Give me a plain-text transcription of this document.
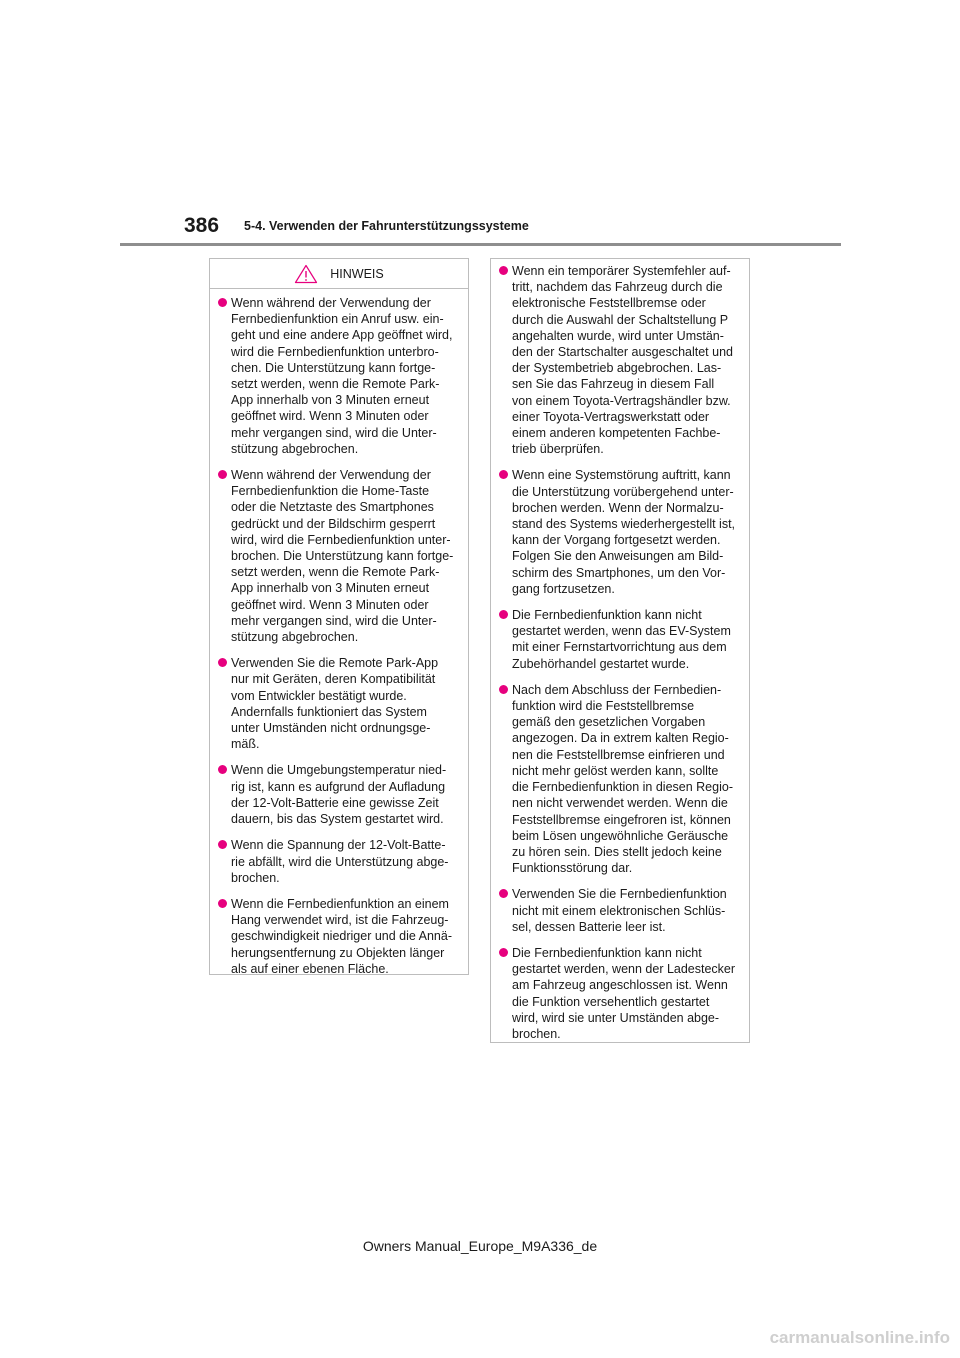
386 5-4. Verwenden der Fahrunterstützungssysteme
HINWEIS
Wenn während der Verwendung der
Fernbedienfunktion ein Anruf usw. ein-
geht und eine andere App geöffnet wird,
wird die Fernbedienfunktion unterbro-
chen. Die Unterstützung kann fortge-
setzt werden, wenn die Remote Park-
App innerhalb von 3 Minuten erneut
geöffnet wird. Wenn 3 Minuten oder
mehr vergangen sind, wird die Unter-
stützung abgebrochen.
Wenn während der Verwendung der
Fernbedienfunktion die Home-Taste
oder die Netztaste des Smartphones
gedrückt und der Bildschirm gesperrt
wird, wird die Fernbedienfunktion unter-
brochen. Die Unterstützung kann fortge-
setzt werden, wenn die Remote Park-
App innerhalb von 3 Minuten erneut
geöffnet wird. Wenn 3 Minuten oder
mehr vergangen sind, wird die Unter-
stützung abgebrochen.
Verwenden Sie die Remote Park-App
nur mit Geräten, deren Kompatibilität
vom Entwickler bestätigt wurde.
Andernfalls funktioniert das System
unter Umständen nicht ordnungsge-
mäß.
Wenn die Umgebungstemperatur nied-
rig ist, kann es aufgrund der Aufladung
der 12-Volt-Batterie eine gewisse Zeit
dauern, bis das System gestartet wird.
Wenn die Spannung der 12-Volt-Batte-
rie abfällt, wird die Unterstützung abge-
brochen.
Wenn die Fernbedienfunktion an einem
Hang verwendet wird, ist die Fahrzeug-
geschwindigkeit niedriger und die Annä-
herungsentfernung zu Objekten länger
als auf einer ebenen Fläche.
Wenn ein temporärer Systemfehler auf-
tritt, nachdem das Fahrzeug durch die
elektronische Feststellbremse oder
durch die Auswahl der Schaltstellung P
angehalten wurde, wird unter Umstän-
den der Startschalter ausgeschaltet und
der Systembetrieb abgebrochen. Las-
sen Sie das Fahrzeug in diesem Fall
von einem Toyota-Vertragshändler bzw.
einer Toyota-Vertragswerkstatt oder
einem anderen kompetenten Fachbe-
trieb überprüfen.
Wenn eine Systemstörung auftritt, kann
die Unterstützung vorübergehend unter-
brochen werden. Wenn der Normalzu-
stand des Systems wiederhergestellt ist,
kann der Vorgang fortgesetzt werden.
Folgen Sie den Anweisungen am Bild-
schirm des Smartphones, um den Vor-
gang fortzusetzen.
Die Fernbedienfunktion kann nicht
gestartet werden, wenn das EV-System
mit einer Fernstartvorrichtung aus dem
Zubehörhandel gestartet wurde.
Nach dem Abschluss der Fernbedien-
funktion wird die Feststellbremse
gemäß den gesetzlichen Vorgaben
angezogen. Da in extrem kalten Regio-
nen die Feststellbremse einfrieren und
nicht mehr gelöst werden kann, sollte
die Fernbedienfunktion in diesen Regio-
nen nicht verwendet werden. Wenn die
Feststellbremse eingefroren ist, können
beim Lösen ungewöhnliche Geräusche
zu hören sein. Dies stellt jedoch keine
Funktionsstörung dar.
Verwenden Sie die Fernbedienfunktion
nicht mit einem elektronischen Schlüs-
sel, dessen Batterie leer ist.
Die Fernbedienfunktion kann nicht
gestartet werden, wenn der Ladestecker
am Fahrzeug angeschlossen ist. Wenn
die Funktion versehentlich gestartet
wird, wird sie unter Umständen abge-
brochen.
Owners Manual_Europe_M9A336_de
carmanualsonline.info
